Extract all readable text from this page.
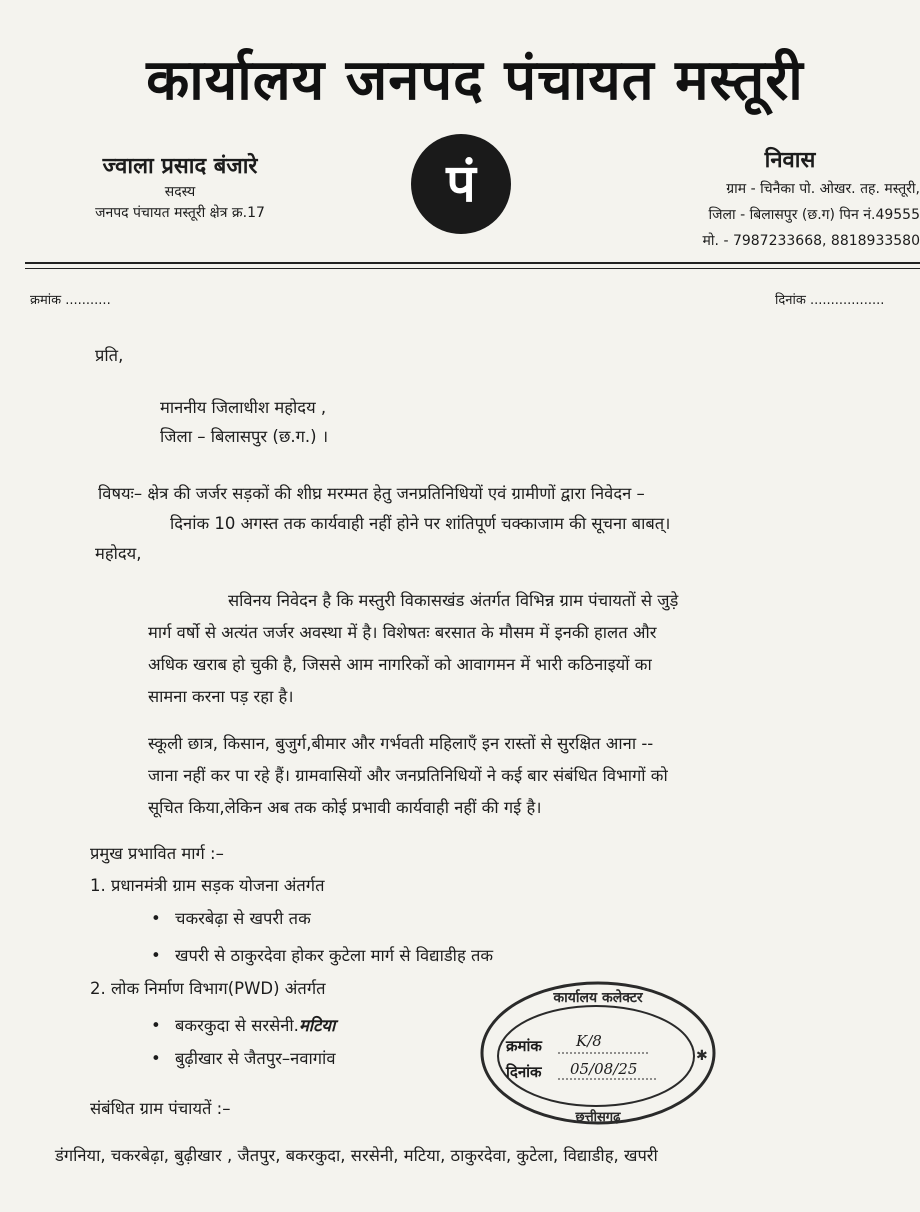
कार्यालय जनपद पंचायत मस्तूरी
पं
ज्वाला प्रसाद बंजारे
सदस्य
जनपद पंचायत मस्तूरी क्षेत्र क्र.17
निवास
ग्राम - चिनैका पो. ओखर. तह. मस्तूरी,
जिला - बिलासपुर (छ.ग) पिन नं.49555
मो. - 7987233668, 8818933580
क्रमांक ...........	दिनांक ..................
प्रति,
माननीय जिलाधीश महोदय ,
जिला – बिलासपुर (छ.ग.) ।
विषयः– क्षेत्र की जर्जर सड़कों की शीघ्र मरम्मत हेतु जनप्रतिनिधियों एवं ग्रामीणों द्वारा निवेदन –
दिनांक 10 अगस्त तक कार्यवाही नहीं होने पर शांतिपूर्ण चक्काजाम की सूचना बाबत्।
महोदय,
सविनय निवेदन है कि मस्तुरी विकासखंड अंतर्गत विभिन्न ग्राम पंचायतों से जुड़े
मार्ग वर्षो से अत्यंत जर्जर अवस्था में है। विशेषतः बरसात के मौसम में इनकी हालत और
अधिक खराब हो चुकी है, जिससे आम नागरिकों को आवागमन में भारी कठिनाइयों का
सामना करना पड़ रहा है।
स्कूली छात्र, किसान, बुजुर्ग,बीमार और गर्भवती महिलाएँ इन रास्तों से सुरक्षित आना --
जाना नहीं कर पा रहे हैं। ग्रामवासियों और जनप्रतिनिधियों ने कई बार संबंधित विभागों को
सूचित किया,लेकिन अब तक कोई प्रभावी कार्यवाही नहीं की गई है।
प्रमुख प्रभावित मार्ग :–
1. प्रधानमंत्री ग्राम सड़क योजना अंतर्गत
• चकरबेढ़ा से खपरी तक
• खपरी से ठाकुरदेवा होकर कुटेला मार्ग से विद्याडीह तक
2. लोक निर्माण विभाग(PWD) अंतर्गत
• बकरकुदा से सरसेनी.मटिया
• बुढ़ीखार से जैतपुर–नवागांव
संबंधित ग्राम पंचायतें :–
डंगनिया, चकरबेढ़ा, बुढ़ीखार , जैतपुर, बकरकुदा, सरसेनी, मटिया, ठाकुरदेवा, कुटेला, विद्याडीह, खपरी
कार्यालय कलेक्टर
छत्तीसगढ़
क्रमांक K/8
दिनांक 05/08/25
✱
